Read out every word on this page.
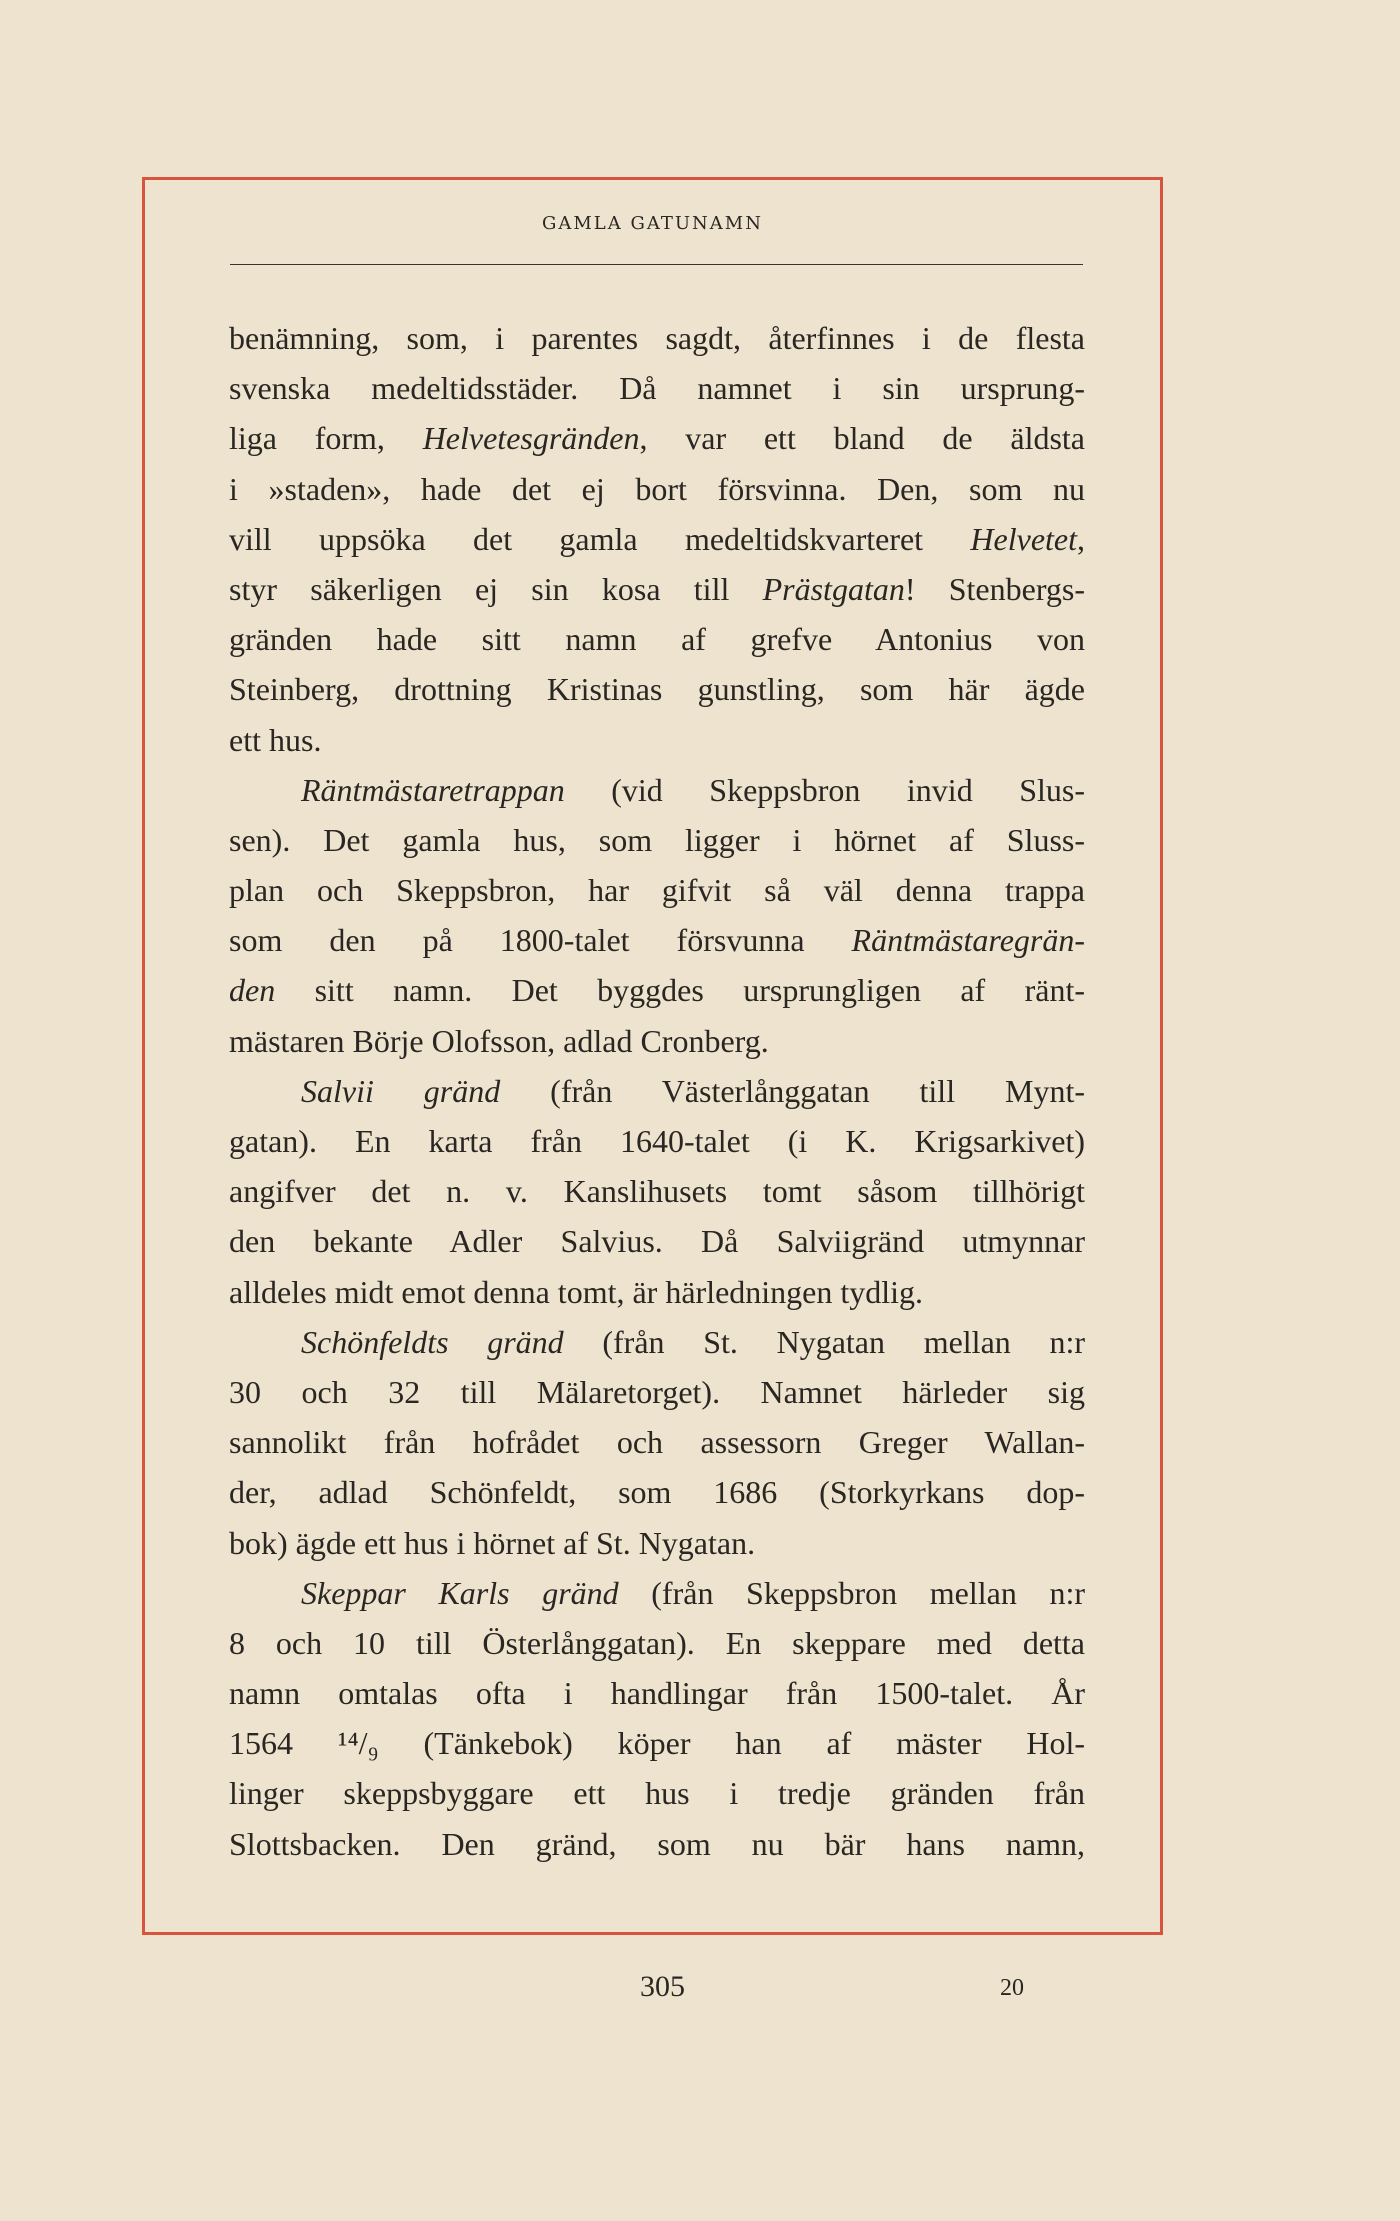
GAMLA GATUNAMN
benämning, som, i parentes sagdt, återfinnes i de flesta
svenska medeltidsstäder. Då namnet i sin ursprung-
liga form, Helvetesgränden, var ett bland de äldsta
i »staden», hade det ej bort försvinna. Den, som nu
vill uppsöka det gamla medeltidskvarteret Helvetet,
styr säkerligen ej sin kosa till Prästgatan! Stenbergs-
gränden hade sitt namn af grefve Antonius von
Steinberg, drottning Kristinas gunstling, som här ägde
ett hus.
Räntmästaretrappan (vid Skeppsbron invid Slus-
sen). Det gamla hus, som ligger i hörnet af Sluss-
plan och Skeppsbron, har gifvit så väl denna trappa
som den på 1800-talet försvunna Räntmästaregrän-
den sitt namn. Det byggdes ursprungligen af ränt-
mästaren Börje Olofsson, adlad Cronberg.
Salvii gränd (från Västerlånggatan till Mynt-
gatan). En karta från 1640-talet (i K. Krigsarkivet)
angifver det n. v. Kanslihusets tomt såsom tillhörigt
den bekante Adler Salvius. Då Salviigränd utmynnar
alldeles midt emot denna tomt, är härledningen tydlig.
Schönfeldts gränd (från St. Nygatan mellan n:r
30 och 32 till Mälaretorget). Namnet härleder sig
sannolikt från hofrådet och assessorn Greger Wallan-
der, adlad Schönfeldt, som 1686 (Storkyrkans dop-
bok) ägde ett hus i hörnet af St. Nygatan.
Skeppar Karls gränd (från Skeppsbron mellan n:r
8 och 10 till Österlånggatan). En skeppare med detta
namn omtalas ofta i handlingar från 1500-talet. År
1564 ¹⁴/₉ (Tänkebok) köper han af mäster Hol-
linger skeppsbyggare ett hus i tredje gränden från
Slottsbacken. Den gränd, som nu bär hans namn,
305	20
